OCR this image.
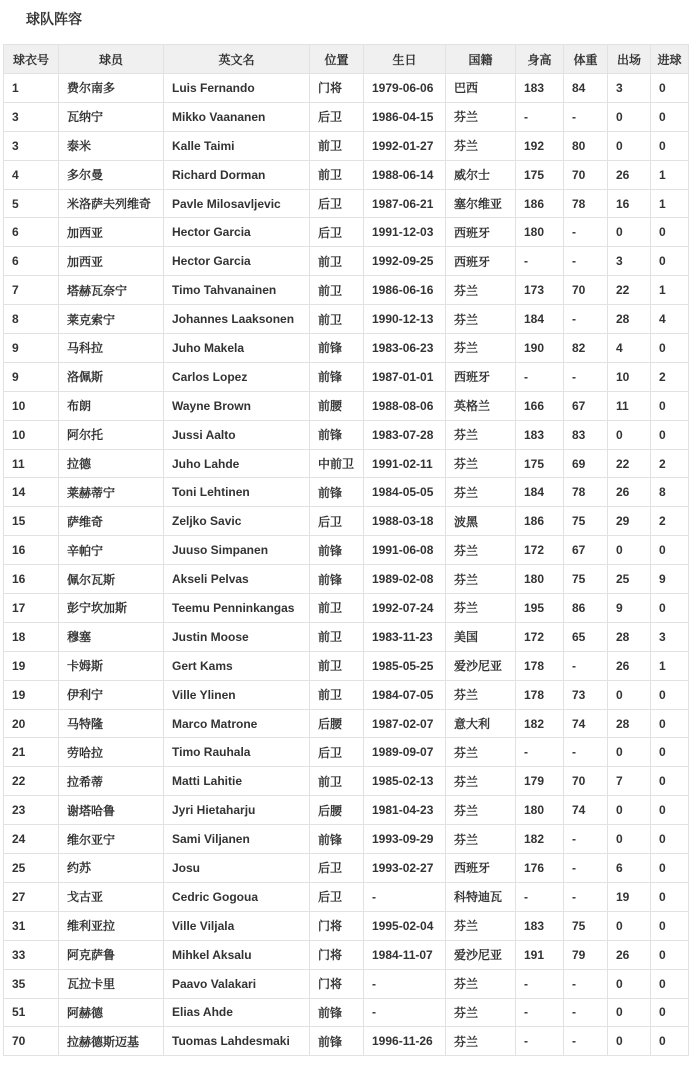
球队阵容
球衣号	球员	英文名	位置	生日	国籍	身高	体重	出场	进球
1	费尔南多	Luis Fernando	门将	1979-06-06	巴西	183	84	3	0
3	瓦纳宁	Mikko Vaananen	后卫	1986-04-15	芬兰	-	-	0	0
3	泰米	Kalle Taimi	前卫	1992-01-27	芬兰	192	80	0	0
4	多尔曼	Richard Dorman	前卫	1988-06-14	威尔士	175	70	26	1
5	米洛萨夫列维奇	Pavle Milosavljevic	后卫	1987-06-21	塞尔维亚	186	78	16	1
6	加西亚	Hector Garcia	后卫	1991-12-03	西班牙	180	-	0	0
6	加西亚	Hector Garcia	前卫	1992-09-25	西班牙	-	-	3	0
7	塔赫瓦奈宁	Timo Tahvanainen	前卫	1986-06-16	芬兰	173	70	22	1
8	莱克索宁	Johannes Laaksonen	前卫	1990-12-13	芬兰	184	-	28	4
9	马科拉	Juho Makela	前锋	1983-06-23	芬兰	190	82	4	0
9	洛佩斯	Carlos Lopez	前锋	1987-01-01	西班牙	-	-	10	2
10	布朗	Wayne Brown	前腰	1988-08-06	英格兰	166	67	11	0
10	阿尔托	Jussi Aalto	前锋	1983-07-28	芬兰	183	83	0	0
11	拉德	Juho Lahde	中前卫	1991-02-11	芬兰	175	69	22	2
14	莱赫蒂宁	Toni Lehtinen	前锋	1984-05-05	芬兰	184	78	26	8
15	萨维奇	Zeljko Savic	后卫	1988-03-18	波黑	186	75	29	2
16	辛帕宁	Juuso Simpanen	前锋	1991-06-08	芬兰	172	67	0	0
16	佩尔瓦斯	Akseli Pelvas	前锋	1989-02-08	芬兰	180	75	25	9
17	彭宁坎加斯	Teemu Penninkangas	前卫	1992-07-24	芬兰	195	86	9	0
18	穆塞	Justin Moose	前卫	1983-11-23	美国	172	65	28	3
19	卡姆斯	Gert Kams	前卫	1985-05-25	爱沙尼亚	178	-	26	1
19	伊利宁	Ville Ylinen	前卫	1984-07-05	芬兰	178	73	0	0
20	马特隆	Marco Matrone	后腰	1987-02-07	意大利	182	74	28	0
21	劳哈拉	Timo Rauhala	后卫	1989-09-07	芬兰	-	-	0	0
22	拉希蒂	Matti Lahitie	前卫	1985-02-13	芬兰	179	70	7	0
23	谢塔哈鲁	Jyri Hietaharju	后腰	1981-04-23	芬兰	180	74	0	0
24	维尔亚宁	Sami Viljanen	前锋	1993-09-29	芬兰	182	-	0	0
25	约苏	Josu	后卫	1993-02-27	西班牙	176	-	6	0
27	戈古亚	Cedric Gogoua	后卫	-	科特迪瓦	-	-	19	0
31	维利亚拉	Ville Viljala	门将	1995-02-04	芬兰	183	75	0	0
33	阿克萨鲁	Mihkel Aksalu	门将	1984-11-07	爱沙尼亚	191	79	26	0
35	瓦拉卡里	Paavo Valakari	门将	-	芬兰	-	-	0	0
51	阿赫德	Elias Ahde	前锋	-	芬兰	-	-	0	0
70	拉赫德斯迈基	Tuomas Lahdesmaki	前锋	1996-11-26	芬兰	-	-	0	0
